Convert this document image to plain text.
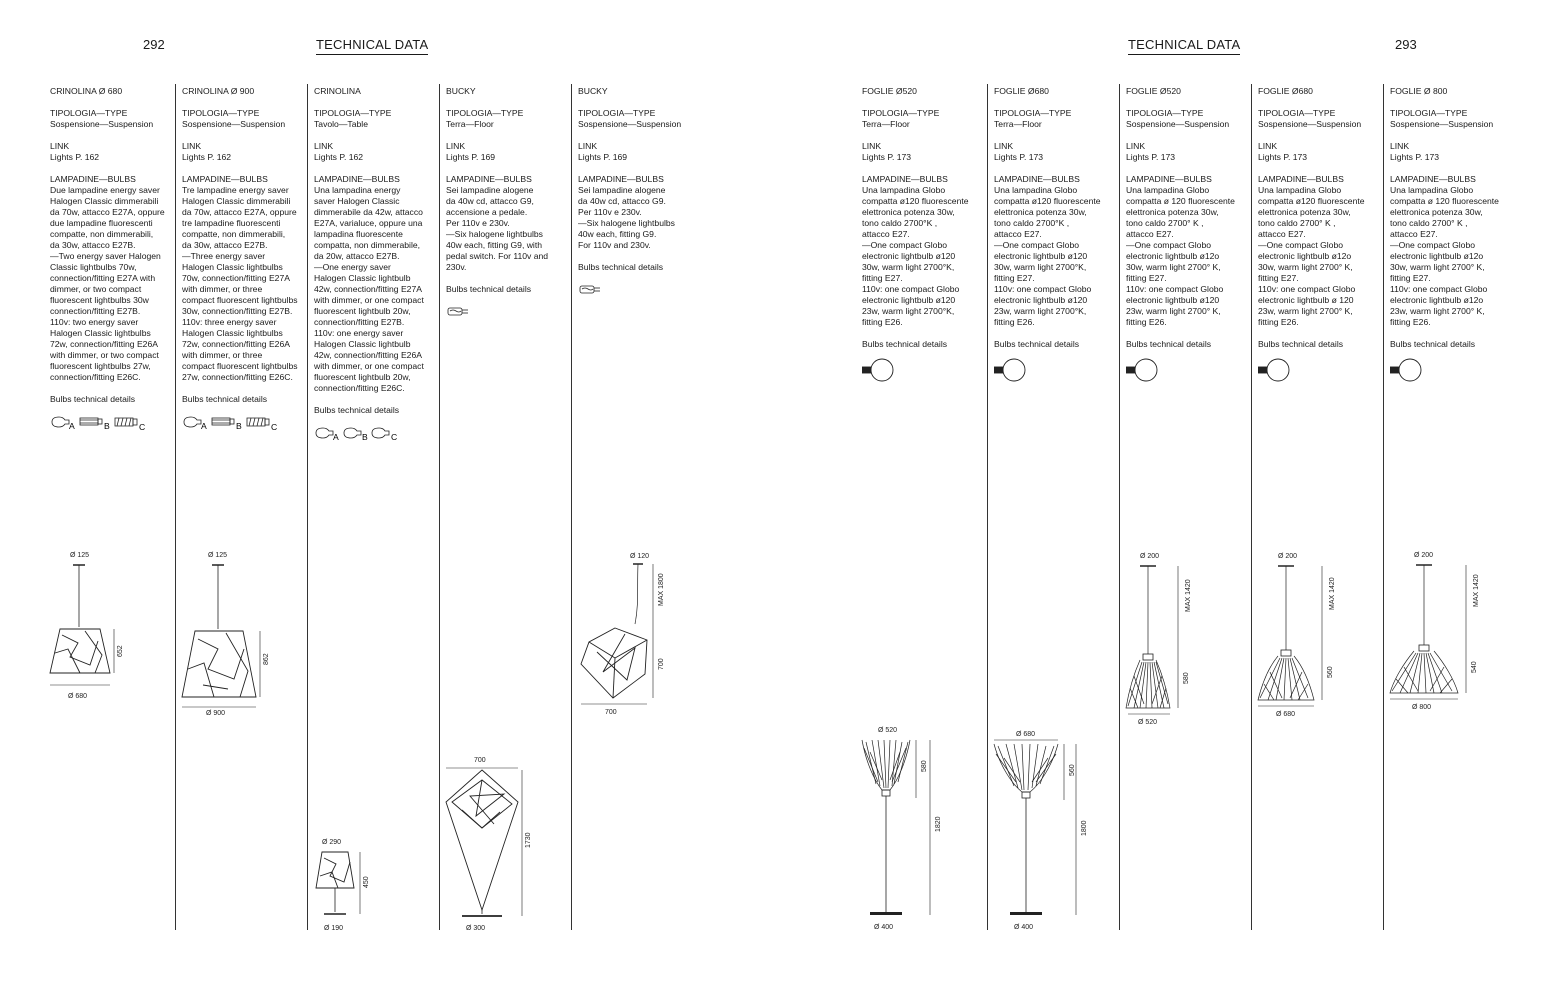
292	TECHNICAL DATA	TECHNICAL DATA	293
CRINOLINA Ø 680
TIPOLOGIA—TYPE
Sospensione—Suspension
LINK
Lights P. 162
LAMPADINE—BULBS
Due lampadine energy saver
Halogen Classic dimmerabili
da 70w, attacco E27A, oppure
due lampadine fluorescenti
compatte, non dimmerabili,
da 30w, attacco E27B.
—Two energy saver Halogen
Classic lightbulbs 70w,
connection/fitting E27A with
dimmer, or two compact
fluorescent lightbulbs 30w
connection/fitting E27B.
110v: two energy saver
Halogen Classic lightbulbs
72w, connection/fitting E26A
with dimmer, or two compact
fluorescent lightbulbs 27w,
connection/fitting E26C.
Bulbs technical details
A	B	C
CRINOLINA Ø 900
TIPOLOGIA—TYPE
Sospensione—Suspension
LINK
Lights P. 162
LAMPADINE—BULBS
Tre lampadine energy saver
Halogen Classic dimmerabili
da 70w, attacco E27A, oppure
tre lampadine fluorescenti
compatte, non dimmerabili,
da 30w, attacco E27B.
—Three energy saver
Halogen Classic lightbulbs
70w, connection/fitting E27A
with dimmer, or three
compact fluorescent lightbulbs
30w, connection/fitting E27B.
110v: three energy saver
Halogen Classic lightbulbs
72w, connection/fitting E26A
with dimmer, or three
compact fluorescent lightbulbs
27w, connection/fitting E26C.
Bulbs technical details
A	B	C
CRINOLINA
TIPOLOGIA—TYPE
Tavolo—Table
LINK
Lights P. 162
LAMPADINE—BULBS
Una lampadina energy
saver Halogen Classic
dimmerabile da 42w, attacco
E27A, varialuce, oppure una
lampadina fluorescente
compatta, non dimmerabile,
da 20w, attacco E27B.
—One energy saver
Halogen Classic lightbulb
42w, connection/fitting E27A
with dimmer, or one compact
fluorescent lightbulb 20w,
connection/fitting E27B.
110v: one energy saver
Halogen Classic lightbulb
42w, connection/fitting E26A
with dimmer, or one compact
fluorescent lightbulb 20w,
connection/fitting E26C.
Bulbs technical details
A	B	C
BUCKY
TIPOLOGIA—TYPE
Terra—Floor
LINK
Lights P. 169
LAMPADINE—BULBS
Sei lampadine alogene
da 40w cd, attacco G9,
accensione a pedale.
Per 110v e 230v.
—Six halogene lightbulbs
40w each, fitting G9, with
pedal switch. For 110v and
230v.
Bulbs technical details
BUCKY
TIPOLOGIA—TYPE
Sospensione—Suspension
LINK
Lights P. 169
LAMPADINE—BULBS
Sei lampadine alogene
da 40w cd, attacco G9.
Per 110v e 230v.
—Six halogene lightbulbs
40w each, fitting G9.
For 110v and 230v.
Bulbs technical details
FOGLIE Ø520
TIPOLOGIA—TYPE
Terra—Floor
LINK
Lights P. 173
LAMPADINE—BULBS
Una lampadina Globo
compatta ø120 fluorescente
elettronica potenza 30w,
tono caldo 2700°K ,
attacco E27.
—One compact Globo
electronic lightbulb ø120
30w, warm light 2700°K,
fitting E27.
110v: one compact Globo
electronic lightbulb ø120
23w, warm light 2700°K,
fitting E26.
Bulbs technical details
FOGLIE Ø680
TIPOLOGIA—TYPE
Terra—Floor
LINK
Lights P. 173
LAMPADINE—BULBS
Una lampadina Globo
compatta ø120 fluorescente
elettronica potenza 30w,
tono caldo 2700°K ,
attacco E27.
—One compact Globo
electronic lightbulb ø120
30w, warm light 2700°K,
fitting E27.
110v: one compact Globo
electronic lightbulb ø120
23w, warm light 2700°K,
fitting E26.
Bulbs technical details
FOGLIE Ø520
TIPOLOGIA—TYPE
Sospensione—Suspension
LINK
Lights P. 173
LAMPADINE—BULBS
Una lampadina Globo
compatta ø 120 fluorescente
elettronica potenza 30w,
tono caldo 2700° K ,
attacco E27.
—One compact Globo
electronic lightbulb ø12o
30w, warm light 2700° K,
fitting E27.
110v: one compact Globo
electronic lightbulb ø120
23w, warm light 2700° K,
fitting E26.
Bulbs technical details
FOGLIE Ø680
TIPOLOGIA—TYPE
Sospensione—Suspension
LINK
Lights P. 173
LAMPADINE—BULBS
Una lampadina Globo
compatta ø120 fluorescente
elettronica potenza 30w,
tono caldo 2700° K ,
attacco E27.
—One compact Globo
electronic lightbulb ø12o
30w, warm light 2700° K,
fitting E27.
110v: one compact Globo
electronic lightbulb ø 120
23w, warm light 2700° K,
fitting E26.
Bulbs technical details
FOGLIE Ø 800
TIPOLOGIA—TYPE
Sospensione—Suspension
LINK
Lights P. 173
LAMPADINE—BULBS
Una lampadina Globo
compatta ø 120 fluorescente
elettronica potenza 30w,
tono caldo 2700° K ,
attacco E27.
—One compact Globo
electronic lightbulb ø12o
30w, warm light 2700° K,
fitting E27.
110v: one compact Globo
electronic lightbulb ø12o
23w, warm light 2700° K,
fitting E26.
Bulbs technical details
Ø 125
652
Ø 680
Ø 125
862
Ø 900
Ø 290
450
Ø 190
700
1730
Ø 300
Ø 120
MAX 1800
700
700
Ø 520
580
1820
Ø 400
Ø 680
560
1800
Ø 400
Ø 200
MAX 1420
580
Ø 520
Ø 200
MAX 1420
560
Ø 680
Ø 200
MAX 1420
540
Ø 800
